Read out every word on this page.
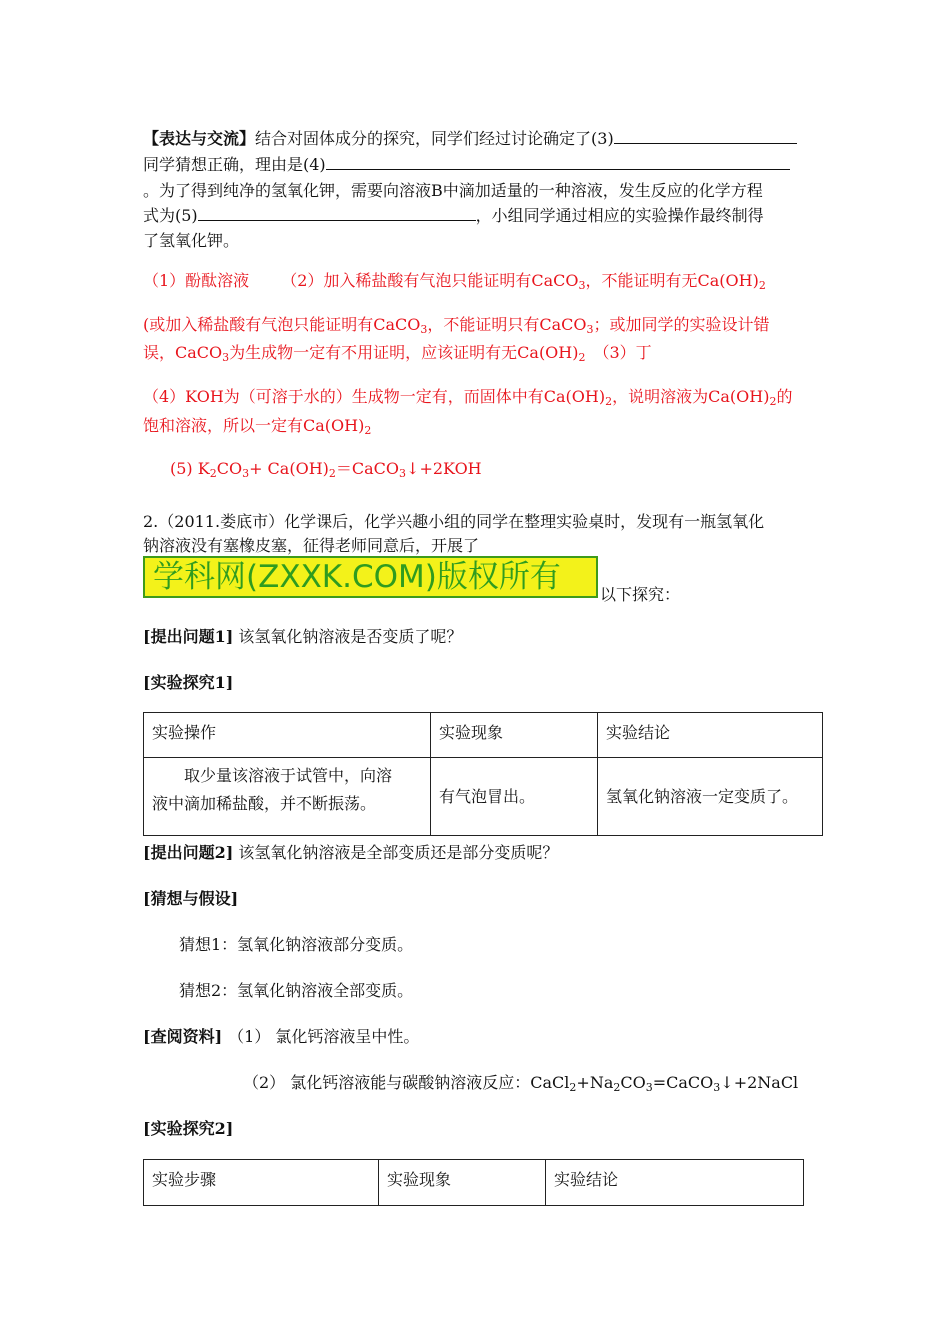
【表达与交流】结合对固体成分的探究，同学们经过讨论确定了(3)
同学猜想正确，理由是(4)
。为了得到纯净的氢氧化钾，需要向溶液B中滴加适量的一种溶液，发生反应的化学方程
式为(5)	，小组同学通过相应的实验操作最终制得
了氢氧化钾。
（1）酚酞溶液 （2）加入稀盐酸有气泡只能证明有CaCO$_3$，不能证明有无$Ca(OH)_2$
(或加入稀盐酸有气泡只能证明有CaCO$_3$，不能证明只有CaCO$_3$；或加同学的实验设计错
误，CaCO$_3$为生成物一定有不用证明，应该证明有无$Ca(OH)_2$ （3）丁
（4）KOH为（可溶于水的）生成物一定有，而固体中有$Ca(OH)_2$，说明溶液为$Ca(OH)_2$的
饱和溶液，所以一定有$Ca(OH)_2$
(5) $K_2CO_3+$ $Ca(OH)_2=CaCO_3↓+2KOH$
2.（2011.娄底市）化学课后，化学兴趣小组的同学在整理实验桌时，发现有一瓶氢氧化
钠溶液没有塞橡皮塞，征得老师同意后，开展了
学科网(ZXXK.COM)版权所有	以下探究：
[提出问题1] 该氢氧化钠溶液是否变质了呢？
[实验探究1]
实验操作	实验现象	实验结论

取少量该溶液于试管中，向溶
液中滴加稀盐酸，并不断振荡。	有气泡冒出。	氢氧化钠溶液一定变质了。
[提出问题2] 该氢氧化钠溶液是全部变质还是部分变质呢？
[猜想与假设]
猜想1：氢氧化钠溶液部分变质。
猜想2：氢氧化钠溶液全部变质。
[查阅资料] （1） 氯化钙溶液呈中性。
（2） 氯化钙溶液能与碳酸钠溶液反应：$CaCl_2+Na_2CO_3=CaCO_3↓+2NaCl$
[实验探究2]
实验步骤	实验现象	实验结论
